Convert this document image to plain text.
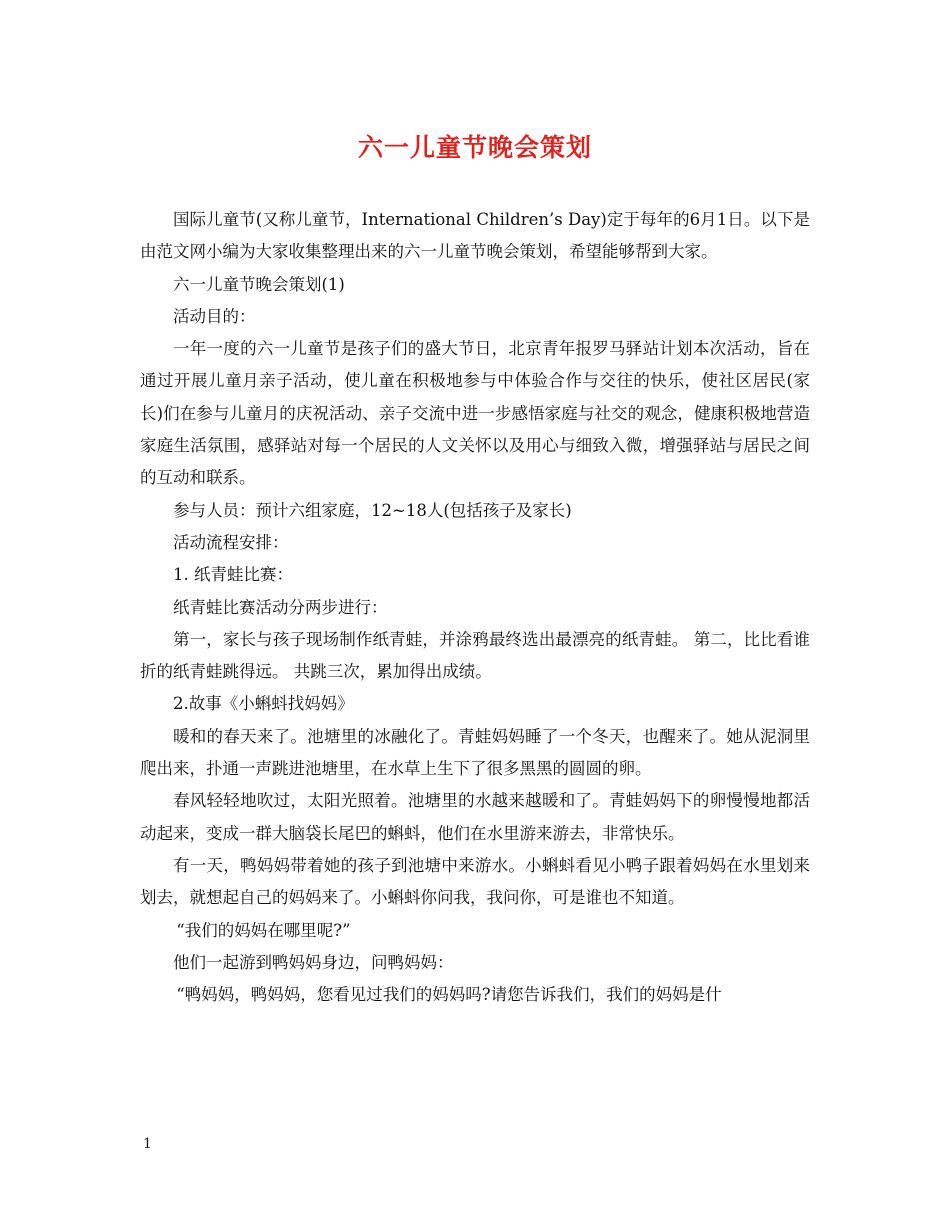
六一儿童节晚会策划

国际儿童节(又称儿童节，International Children’s Day)定于每年的6月1日。以下是由范文网小编为大家收集整理出来的六一儿童节晚会策划，希望能够帮到大家。

六一儿童节晚会策划(1)

活动目的：

一年一度的六一儿童节是孩子们的盛大节日，北京青年报罗马驿站计划本次活动，旨在通过开展儿童月亲子活动，使儿童在积极地参与中体验合作与交往的快乐，使社区居民(家长)们在参与儿童月的庆祝活动、亲子交流中进一步感悟家庭与社交的观念，健康积极地营造家庭生活氛围，感驿站对每一个居民的人文关怀以及用心与细致入微，增强驿站与居民之间的互动和联系。

参与人员：预计六组家庭，12~18人(包括孩子及家长)

活动流程安排：

1. 纸青蛙比赛：

纸青蛙比赛活动分两步进行：

第一，家长与孩子现场制作纸青蛙，并涂鸦最终选出最漂亮的纸青蛙。 第二，比比看谁折的纸青蛙跳得远。 共跳三次，累加得出成绩。

2.故事《小蝌蚪找妈妈》

暖和的春天来了。池塘里的冰融化了。青蛙妈妈睡了一个冬天，也醒来了。她从泥洞里爬出来，扑通一声跳进池塘里，在水草上生下了很多黑黑的圆圆的卵。

春风轻轻地吹过，太阳光照着。池塘里的水越来越暖和了。青蛙妈妈下的卵慢慢地都活动起来，变成一群大脑袋长尾巴的蝌蚪，他们在水里游来游去，非常快乐。

有一天，鸭妈妈带着她的孩子到池塘中来游水。小蝌蚪看见小鸭子跟着妈妈在水里划来划去，就想起自己的妈妈来了。小蝌蚪你问我，我问你，可是谁也不知道。

“我们的妈妈在哪里呢?”

他们一起游到鸭妈妈身边，问鸭妈妈：

“鸭妈妈，鸭妈妈，您看见过我们的妈妈吗?请您告诉我们，我们的妈妈是什

1
